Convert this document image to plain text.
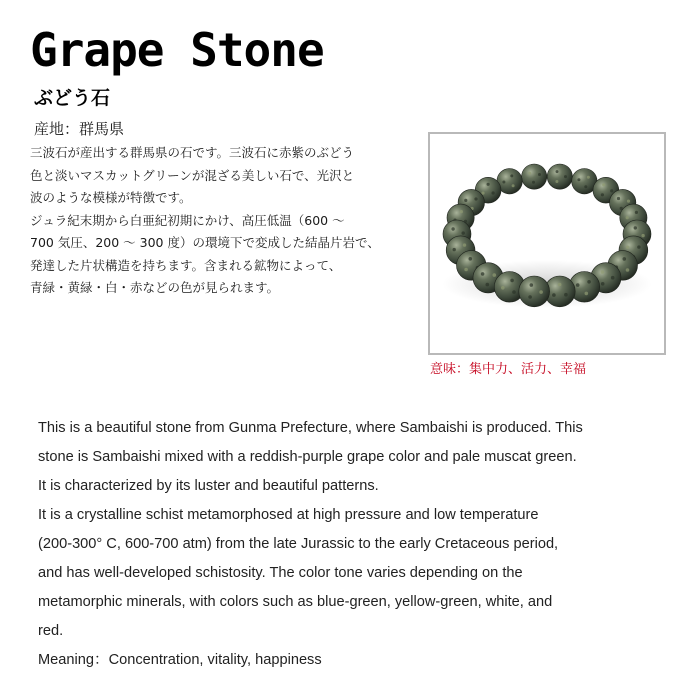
Grape Stone
ぶどう石
産地：群馬県

三波石が産出する群馬県の石です。三波石に赤紫のぶどう

色と淡いマスカットグリーンが混ざる美しい石で、光沢と

波のような模様が特徴です。

ジュラ紀末期から白亜紀初期にかけ、高圧低温（600 ～

700 気圧、200 ～ 300 度）の環境下で変成した結晶片岩で、

発達した片状構造を持ちます。含まれる鉱物によって、

青緑・黄緑・白・赤などの色が見られます。

意味：集中力、活力、幸福

This is a beautiful stone from Gunma Prefecture, where Sambaishi is produced. This

stone is Sambaishi mixed with a reddish-purple grape color and pale muscat green.

It is characterized by its luster and beautiful patterns.

It is a crystalline schist metamorphosed at high pressure and low temperature

(200-300° C, 600-700 atm) from the late Jurassic to the early Cretaceous period,

and has well-developed schistosity. The color tone varies depending on the

metamorphic minerals, with colors such as blue-green, yellow-green, white, and

red.

Meaning：Concentration, vitality, happiness
